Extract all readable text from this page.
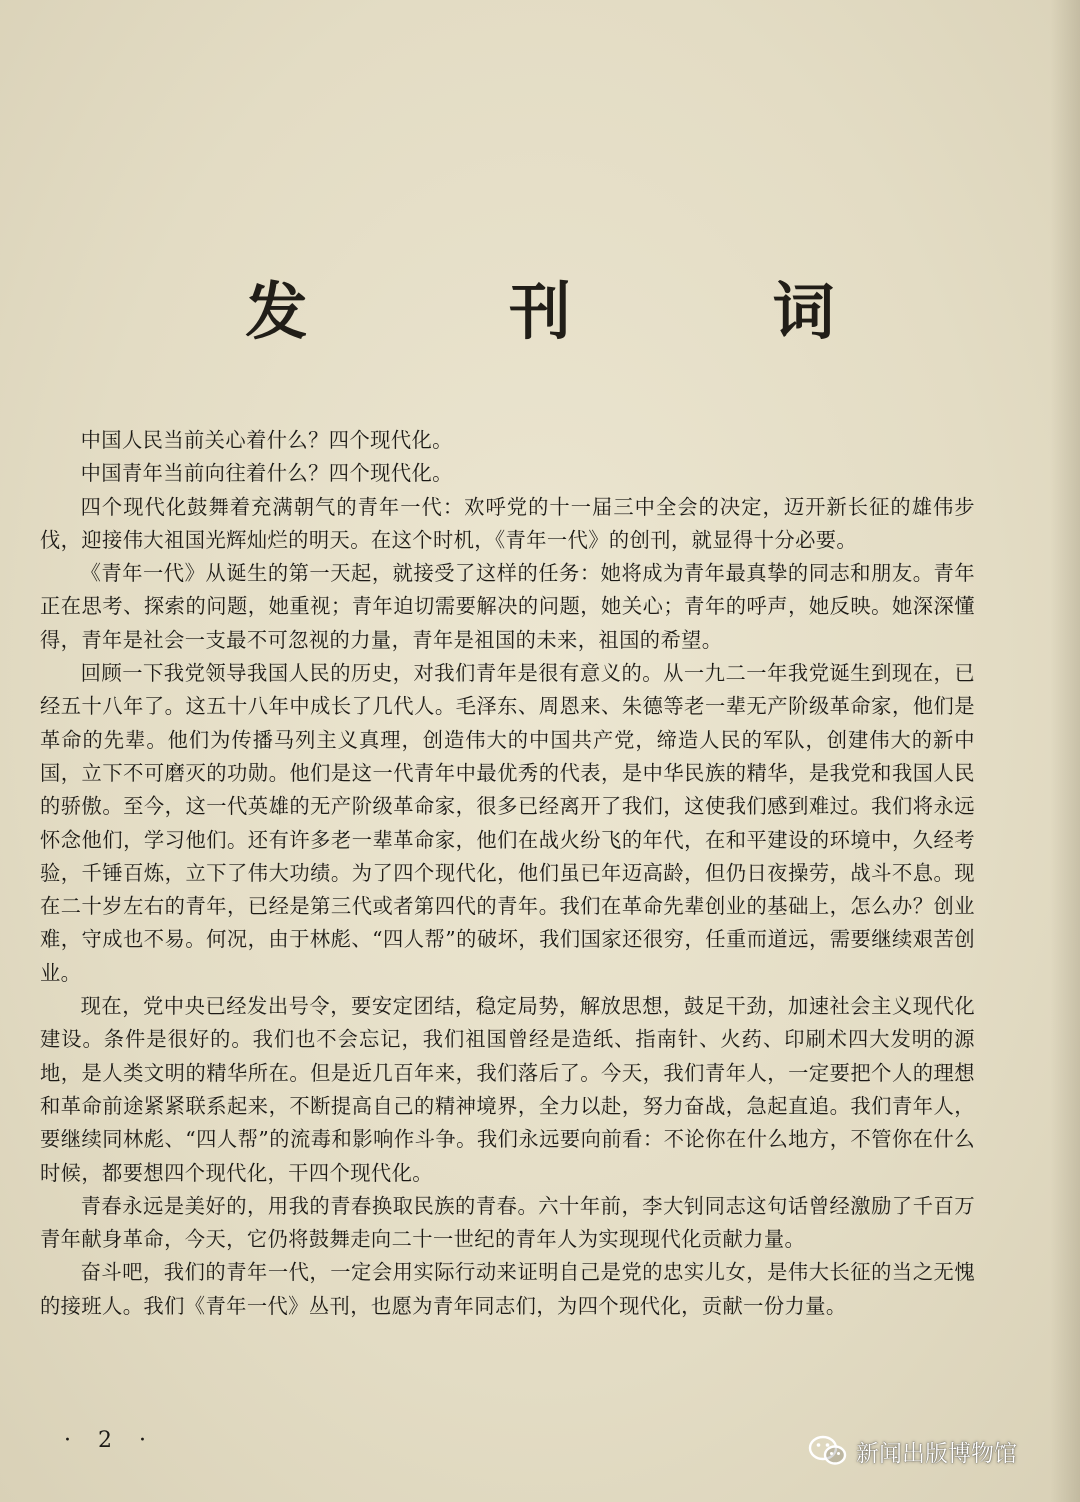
发 刊 词

中国人民当前关心着什么？四个现代化。

中国青年当前向往着什么？四个现代化。

四个现代化鼓舞着充满朝气的青年一代：欢呼党的十一届三中全会的决定，迈开新长征的雄伟步伐，迎接伟大祖国光辉灿烂的明天。在这个时机，《青年一代》的创刊，就显得十分必要。

《青年一代》从诞生的第一天起，就接受了这样的任务：她将成为青年最真挚的同志和朋友。青年正在思考、探索的问题，她重视；青年迫切需要解决的问题，她关心；青年的呼声，她反映。她深深懂得，青年是社会一支最不可忽视的力量，青年是祖国的未来，祖国的希望。

回顾一下我党领导我国人民的历史，对我们青年是很有意义的。从一九二一年我党诞生到现在，已经五十八年了。这五十八年中成长了几代人。毛泽东、周恩来、朱德等老一辈无产阶级革命家，他们是革命的先辈。他们为传播马列主义真理，创造伟大的中国共产党，缔造人民的军队，创建伟大的新中国，立下不可磨灭的功勋。他们是这一代青年中最优秀的代表，是中华民族的精华，是我党和我国人民的骄傲。至今，这一代英雄的无产阶级革命家，很多已经离开了我们，这使我们感到难过。我们将永远怀念他们，学习他们。还有许多老一辈革命家，他们在战火纷飞的年代，在和平建设的环境中，久经考验，千锤百炼，立下了伟大功绩。为了四个现代化，他们虽已年迈高龄，但仍日夜操劳，战斗不息。现在二十岁左右的青年，已经是第三代或者第四代的青年。我们在革命先辈创业的基础上，怎么办？创业难，守成也不易。何况，由于林彪、“四人帮”的破坏，我们国家还很穷，任重而道远，需要继续艰苦创业。

现在，党中央已经发出号令，要安定团结，稳定局势，解放思想，鼓足干劲，加速社会主义现代化建设。条件是很好的。我们也不会忘记，我们祖国曾经是造纸、指南针、火药、印刷术四大发明的源地，是人类文明的精华所在。但是近几百年来，我们落后了。今天，我们青年人，一定要把个人的理想和革命前途紧紧联系起来，不断提高自己的精神境界，全力以赴，努力奋战，急起直追。我们青年人，要继续同林彪、“四人帮”的流毒和影响作斗争。我们永远要向前看：不论你在什么地方，不管你在什么时候，都要想四个现代化，干四个现代化。

青春永远是美好的，用我的青春换取民族的青春。六十年前，李大钊同志这句话曾经激励了千百万青年献身革命，今天，它仍将鼓舞走向二十一世纪的青年人为实现现代化贡献力量。

奋斗吧，我们的青年一代，一定会用实际行动来证明自己是党的忠实儿女，是伟大长征的当之无愧的接班人。我们《青年一代》丛刊，也愿为青年同志们，为四个现代化，贡献一份力量。

· 2 ·	新闻出版博物馆
